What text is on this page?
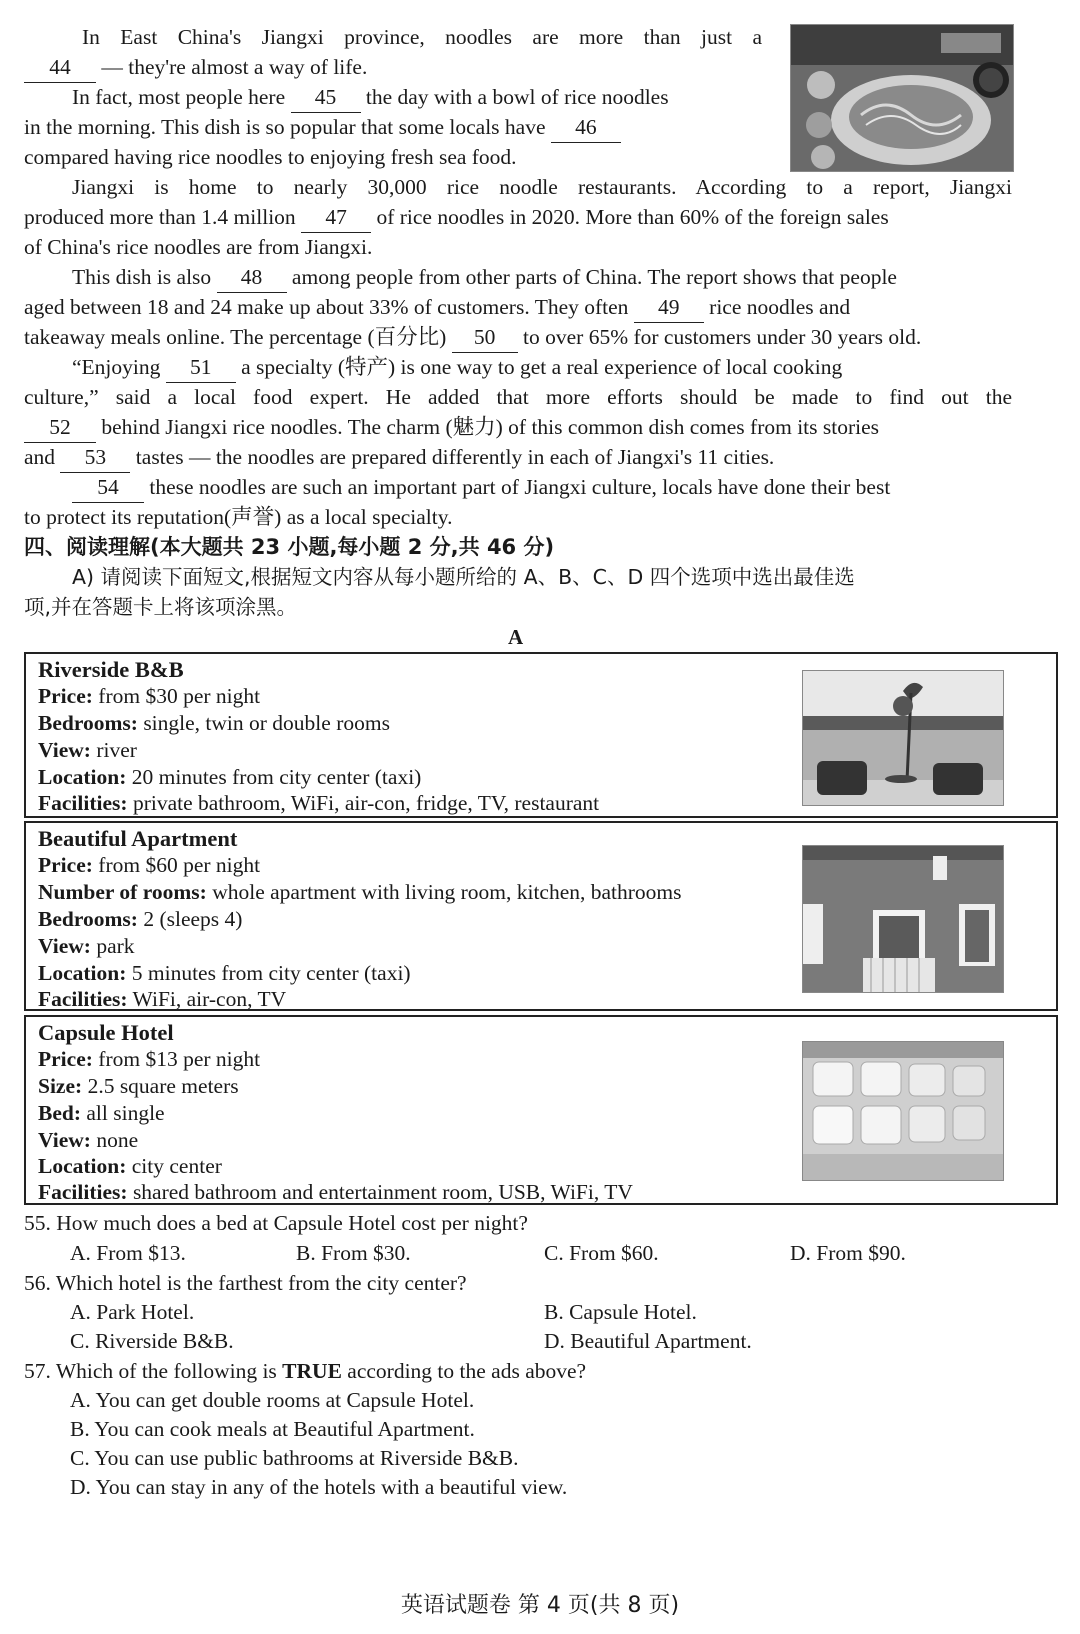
In East China's Jiangxi province, noodles are more than just a
44 — they're almost a way of life.
In fact, most people here 45 the day with a bowl of rice noodles
in the morning. This dish is so popular that some locals have 46
compared having rice noodles to enjoying fresh sea food.
Jiangxi is home to nearly 30,000 rice noodle restaurants. According to a report, Jiangxi
produced more than 1.4 million 47 of rice noodles in 2020. More than 60% of the foreign sales
of China's rice noodles are from Jiangxi.
This dish is also 48 among people from other parts of China. The report shows that people
aged between 18 and 24 make up about 33% of customers. They often 49 rice noodles and
takeaway meals online. The percentage (百分比) 50 to over 65% for customers under 30 years old.
“Enjoying 51 a specialty (特产) is one way to get a real experience of local cooking
culture,” said a local food expert. He added that more efforts should be made to find out the
52 behind Jiangxi rice noodles. The charm (魅力) of this common dish comes from its stories
and 53 tastes — the noodles are prepared differently in each of Jiangxi's 11 cities.
54 these noodles are such an important part of Jiangxi culture, locals have done their best
to protect its reputation(声誉) as a local specialty.
四、阅读理解(本大题共 23 小题,每小题 2 分,共 46 分)
A) 请阅读下面短文,根据短文内容从每小题所给的 A、B、C、D 四个选项中选出最佳选
项,并在答题卡上将该项涂黑。
A
Riverside B&B
Price: from $30 per night
Bedrooms: single, twin or double rooms
View: river
Location: 20 minutes from city center (taxi)
Facilities: private bathroom, WiFi, air-con, fridge, TV, restaurant
Beautiful Apartment
Price: from $60 per night
Number of rooms: whole apartment with living room, kitchen, bathrooms
Bedrooms: 2 (sleeps 4)
View: park
Location: 5 minutes from city center (taxi)
Facilities: WiFi, air-con, TV
Capsule Hotel
Price: from $13 per night
Size: 2.5 square meters
Bed: all single
View: none
Location: city center
Facilities: shared bathroom and entertainment room, USB, WiFi, TV
55. How much does a bed at Capsule Hotel cost per night?
A. From $13.	B. From $30.	C. From $60.	D. From $90.
56. Which hotel is the farthest from the city center?
A. Park Hotel.	B. Capsule Hotel.
C. Riverside B&B.	D. Beautiful Apartment.
57. Which of the following is TRUE according to the ads above?
A. You can get double rooms at Capsule Hotel.
B. You can cook meals at Beautiful Apartment.
C. You can use public bathrooms at Riverside B&B.
D. You can stay in any of the hotels with a beautiful view.
英语试题卷 第 4 页(共 8 页)
